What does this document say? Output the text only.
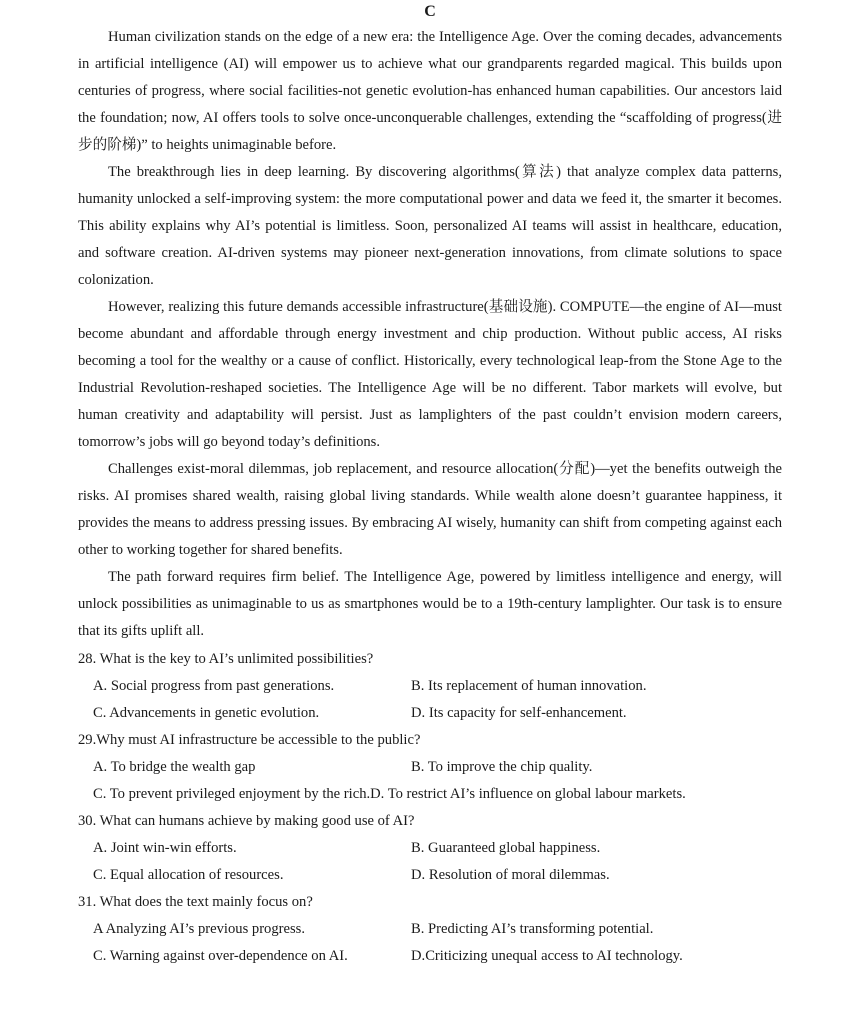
C

Human civilization stands on the edge of a new era: the Intelligence Age. Over the coming decades, advancements in artificial intelligence (AI) will empower us to achieve what our grandparents regarded magical. This builds upon centuries of progress, where social facilities-not genetic evolution-has enhanced human capabilities. Our ancestors laid the foundation; now, AI offers tools to solve once-unconquerable challenges, extending the “scaffolding of progress(进步的阶梯)” to heights unimaginable before.

The breakthrough lies in deep learning. By discovering algorithms(算法) that analyze complex data patterns, humanity unlocked a self-improving system: the more computational power and data we feed it, the smarter it becomes. This ability explains why AI’s potential is limitless. Soon, personalized AI teams will assist in healthcare, education, and software creation. AI-driven systems may pioneer next-generation innovations, from climate solutions to space colonization.

However, realizing this future demands accessible infrastructure(基础设施). COMPUTE—the engine of AI—must become abundant and affordable through energy investment and chip production. Without public access, AI risks becoming a tool for the wealthy or a cause of conflict. Historically, every technological leap-from the Stone Age to the Industrial Revolution-reshaped societies. The Intelligence Age will be no different. Tabor markets will evolve, but human creativity and adaptability will persist. Just as lamplighters of the past couldn’t envision modern careers, tomorrow’s jobs will go beyond today’s definitions.

Challenges exist-moral dilemmas, job replacement, and resource allocation(分配)—yet the benefits outweigh the risks. AI promises shared wealth, raising global living standards. While wealth alone doesn’t guarantee happiness, it provides the means to address pressing issues. By embracing AI wisely, humanity can shift from competing against each other to working together for shared benefits.

The path forward requires firm belief. The Intelligence Age, powered by limitless intelligence and energy, will unlock possibilities as unimaginable to us as smartphones would be to a 19th-century lamplighter. Our task is to ensure that its gifts uplift all.

28. What is the key to AI’s unlimited possibilities?
A. Social progress from past generations.	B. Its replacement of human innovation.
C. Advancements in genetic evolution.	D. Its capacity for self-enhancement.
29.Why must AI infrastructure be accessible to the public?
A. To bridge the wealth gap	B. To improve the chip quality.
C. To prevent privileged enjoyment by the rich.D. To restrict AI’s influence on global labour markets.
30. What can humans achieve by making good use of AI?
A. Joint win-win efforts.	B. Guaranteed global happiness.
C. Equal allocation of resources.	D. Resolution of moral dilemmas.
31. What does the text mainly focus on?
A Analyzing AI’s previous progress.	B. Predicting AI’s transforming potential.
C. Warning against over-dependence on AI.	D.Criticizing unequal access to AI technology.
